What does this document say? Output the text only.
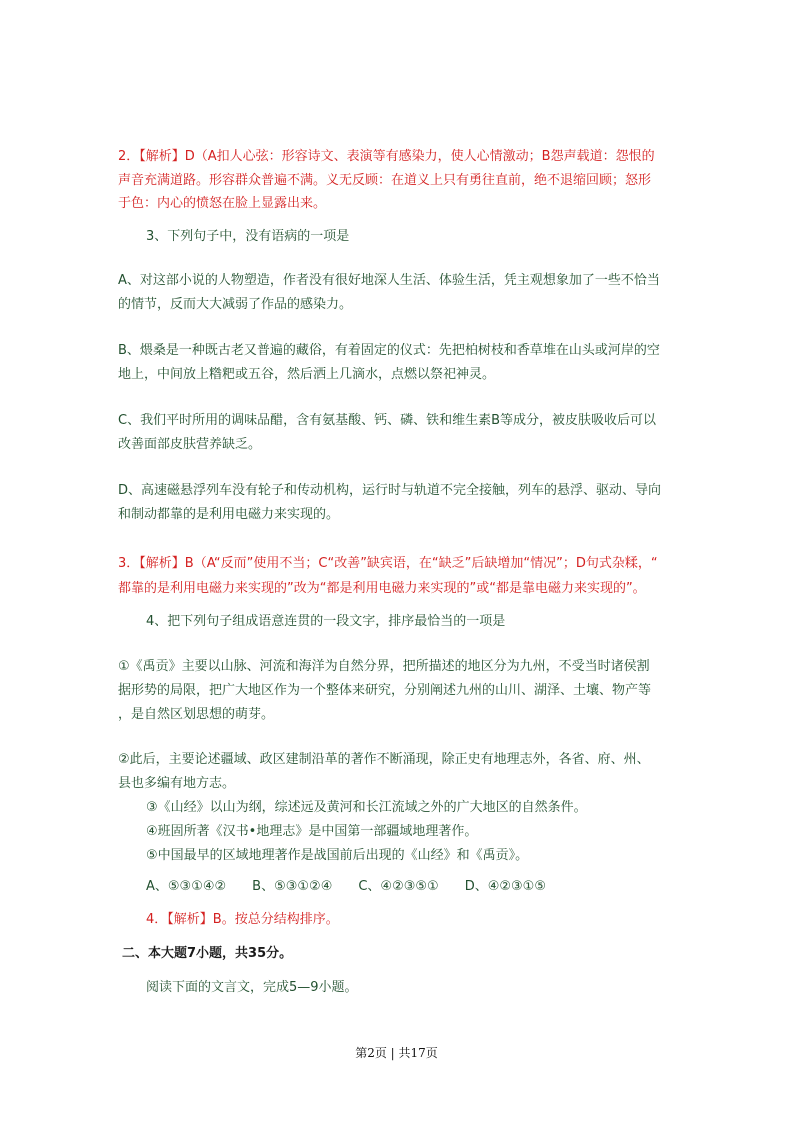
2．【解析】D（A扣人心弦：形容诗文、表演等有感染力，使人心情激动；B怨声载道：怨恨的
声音充满道路。形容群众普遍不满。义无反顾：在道义上只有勇往直前，绝不退缩回顾；怒形
于色：内心的愤怒在脸上显露出来。
3、下列句子中，没有语病的一项是
A、对这部小说的人物塑造，作者没有很好地深人生活、体验生活，凭主观想象加了一些不恰当
的情节，反而大大减弱了作品的感染力。
B、煨桑是一种既古老又普遍的藏俗，有着固定的仪式：先把柏树枝和香草堆在山头或河岸的空
地上，中间放上糌粑或五谷，然后洒上几滴水，点燃以祭祀神灵。
C、我们平时所用的调味品醋，含有氨基酸、钙、磷、铁和维生素B等成分，被皮肤吸收后可以
改善面部皮肤营养缺乏。
D、高速磁悬浮列车没有轮子和传动机构，运行时与轨道不完全接触，列车的悬浮、驱动、导向
和制动都靠的是利用电磁力来实现的。
3．【解析】B（A“反而”使用不当；C“改善”缺宾语，在“缺乏”后缺增加“情况”；D句式杂糅，“
都靠的是利用电磁力来实现的”改为“都是利用电磁力来实现的”或“都是靠电磁力来实现的”。
4、把下列句子组成语意连贯的一段文字，排序最恰当的一项是
①《禹贡》主要以山脉、河流和海洋为自然分界，把所描述的地区分为九州，不受当时诸侯割
据形势的局限，把广大地区作为一个整体来研究，分别阐述九州的山川、湖泽、土壤、物产等
，是自然区划思想的萌芽。
②此后，主要论述疆域、政区建制沿革的著作不断涌现，除正史有地理志外，各省、府、州、
县也多编有地方志。
③《山经》以山为纲，综述远及黄河和长江流域之外的广大地区的自然条件。
④班固所著《汉书•地理志》是中国第一部疆域地理著作。
⑤中国最早的区域地理著作是战国前后出现的《山经》和《禹贡》。
A、⑤③①④②　　B、⑤③①②④　　C、④②③⑤①　　D、④②③①⑤
4．【解析】B。按总分结构排序。
二、本大题7小题，共35分。
阅读下面的文言文，完成5—9小题。
第2页 | 共17页
